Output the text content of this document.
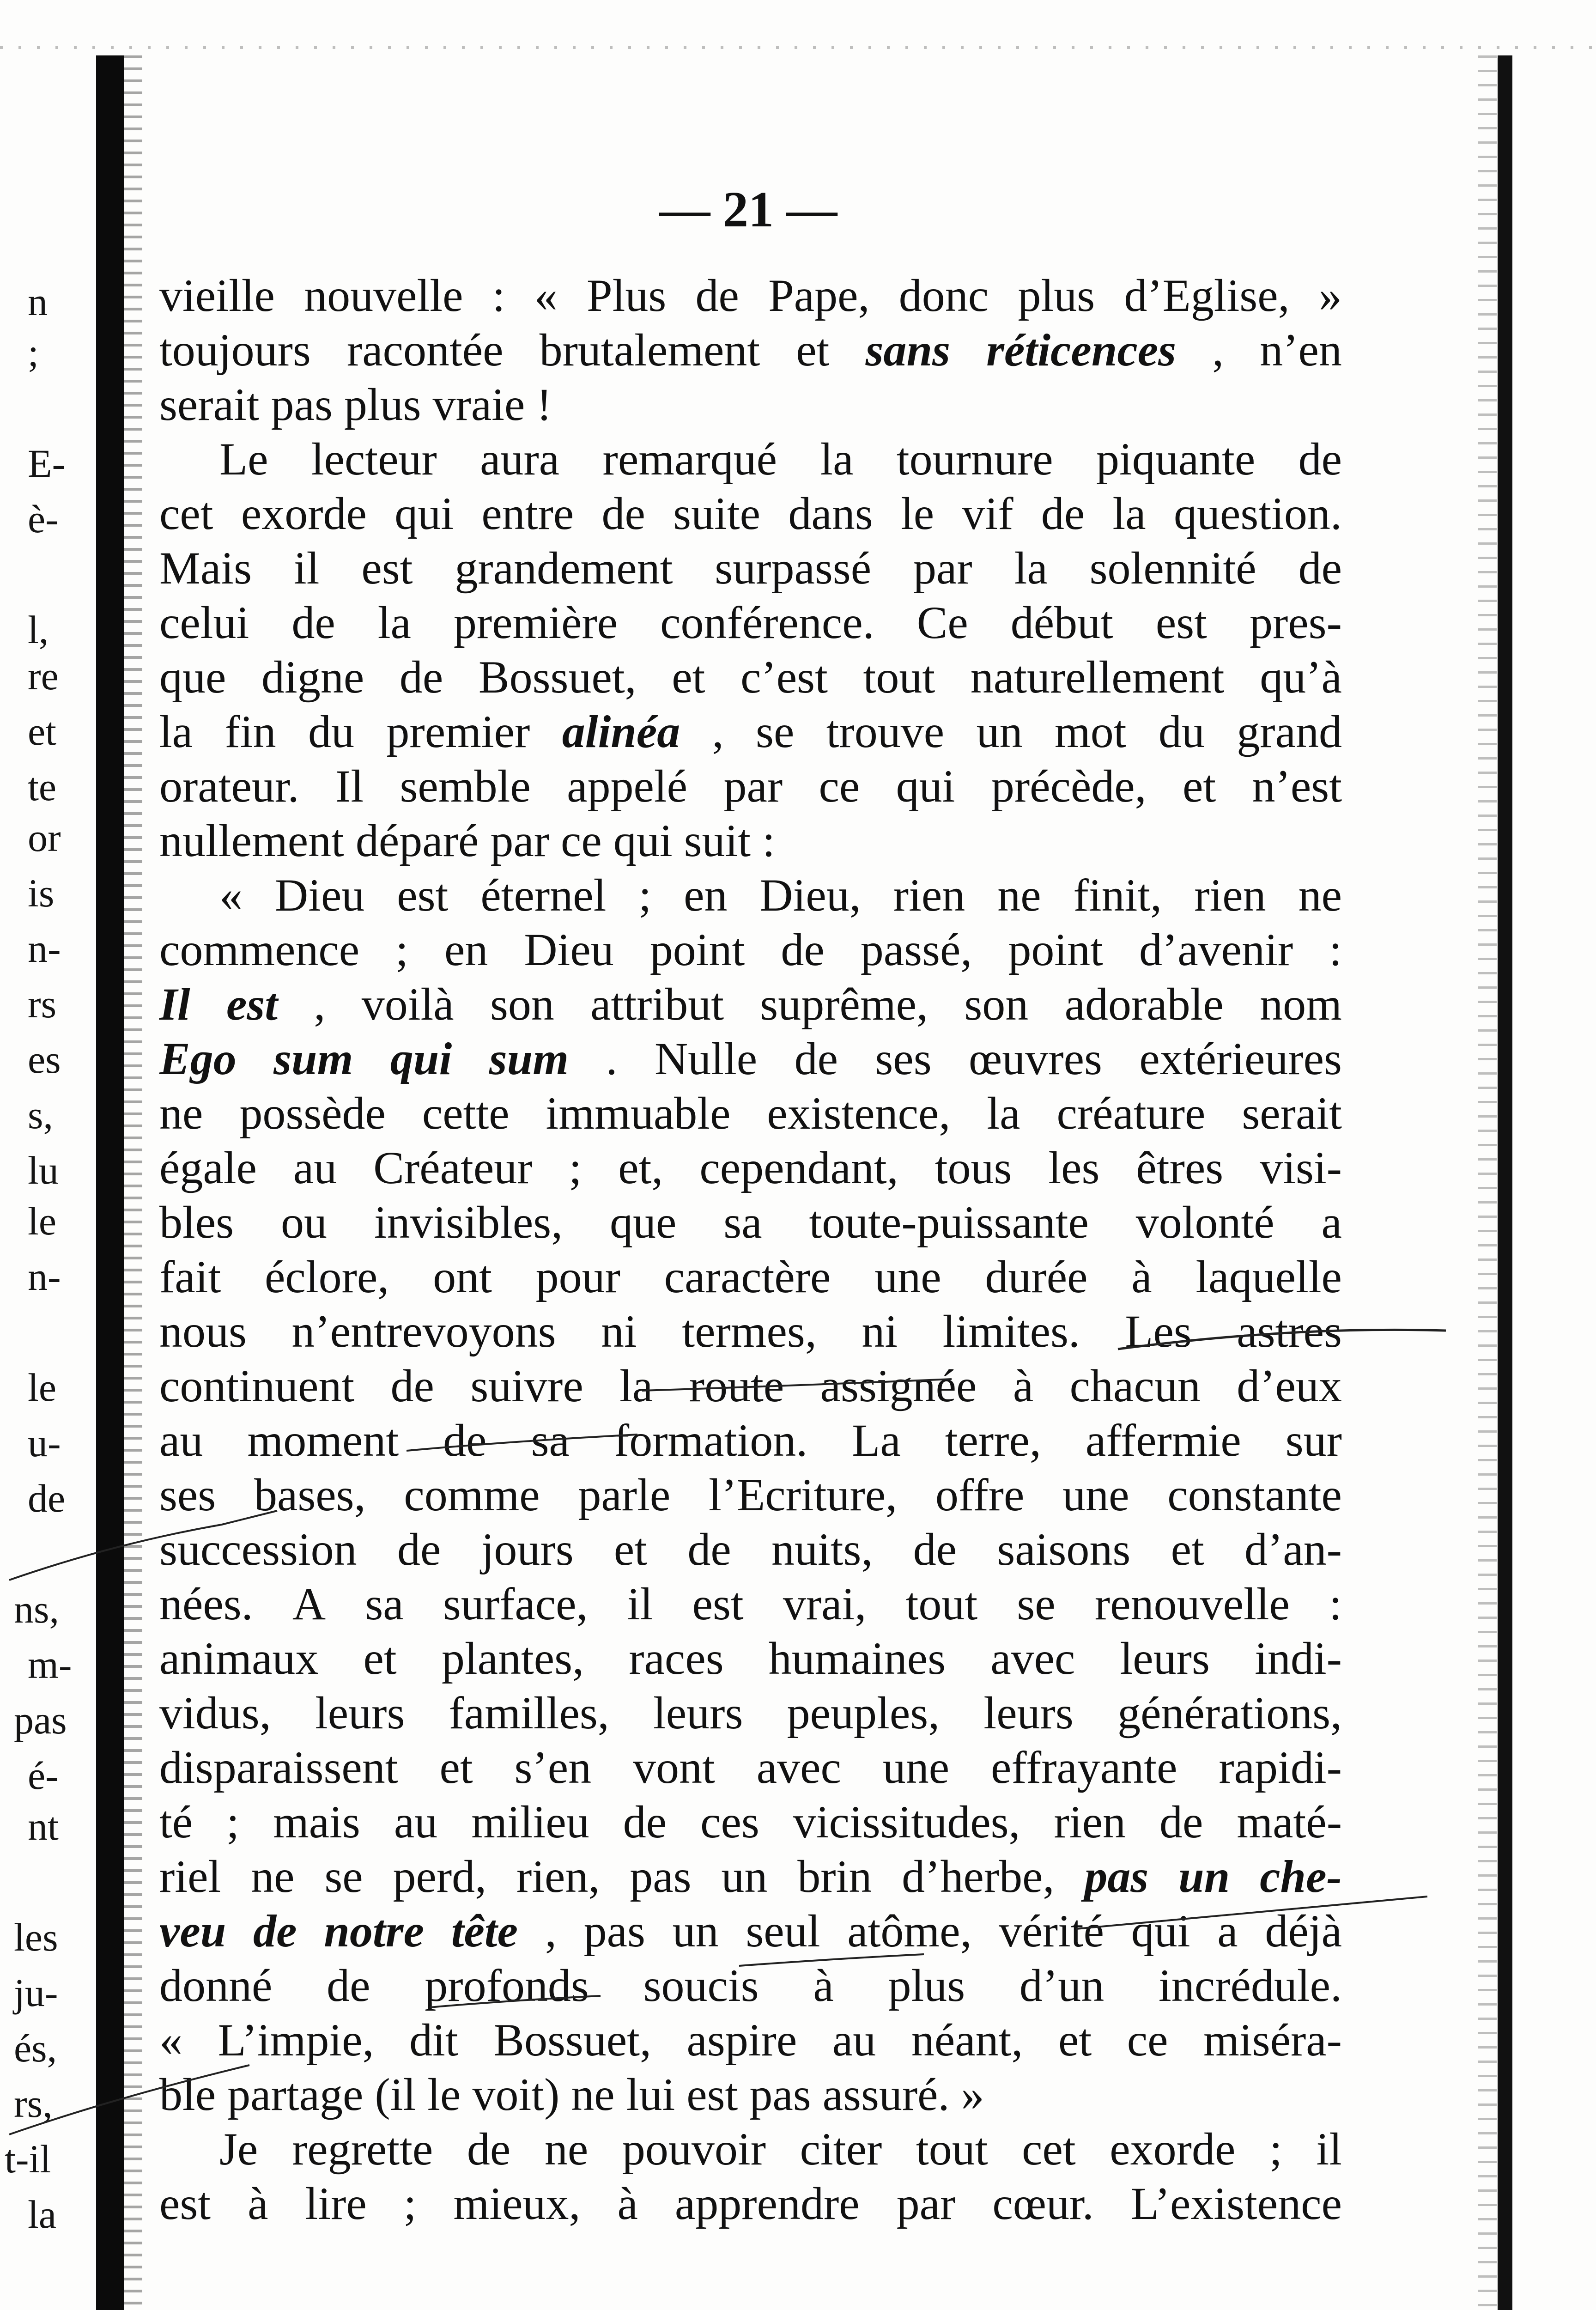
n
;
E-
è-
l,
re
et
te
or
is
n-
rs
es
s,
lu
le
n-
le
u-
de
ns,
m-
pas
é-
nt
les
ju-
és,
rs,
t-il
la
— 21 —
vieille nouvelle : « Plus de Pape, donc plus d’Eglise, »
toujours racontée brutalement et sans réticences , n’en
serait pas plus vraie !
Le lecteur aura remarqué la tournure piquante de
cet exorde qui entre de suite dans le vif de la question.
Mais il est grandement surpassé par la solennité de
celui de la première conférence. Ce début est pres-
que digne de Bossuet, et c’est tout naturellement qu’à
la fin du premier alinéa , se trouve un mot du grand
orateur. Il semble appelé par ce qui précède, et n’est
nullement déparé par ce qui suit :
« Dieu est éternel ; en Dieu, rien ne finit, rien ne
commence ; en Dieu point de passé, point d’avenir :
Il est , voilà son attribut suprême, son adorable nom
Ego sum qui sum . Nulle de ses œuvres extérieures
ne possède cette immuable existence, la créature serait
égale au Créateur ; et, cependant, tous les êtres visi-
bles ou invisibles, que sa toute-puissante volonté a
fait éclore, ont pour caractère une durée à laquelle
nous n’entrevoyons ni termes, ni limites. Les astres
continuent de suivre la route assignée à chacun d’eux
au moment de sa formation. La terre, affermie sur
ses bases, comme parle l’Ecriture, offre une constante
succession de jours et de nuits, de saisons et d’an-
nées. A sa surface, il est vrai, tout se renouvelle :
animaux et plantes, races humaines avec leurs indi-
vidus, leurs familles, leurs peuples, leurs générations,
disparaissent et s’en vont avec une effrayante rapidi-
té ; mais au milieu de ces vicissitudes, rien de maté-
riel ne se perd, rien, pas un brin d’herbe, pas un che-
veu de notre tête , pas un seul atôme, vérité qui a déjà
donné de profonds soucis à plus d’un incrédule.
« L’impie, dit Bossuet, aspire au néant, et ce miséra-
ble partage (il le voit) ne lui est pas assuré. »
Je regrette de ne pouvoir citer tout cet exorde ; il
est à lire ; mieux, à apprendre par cœur. L’existence
